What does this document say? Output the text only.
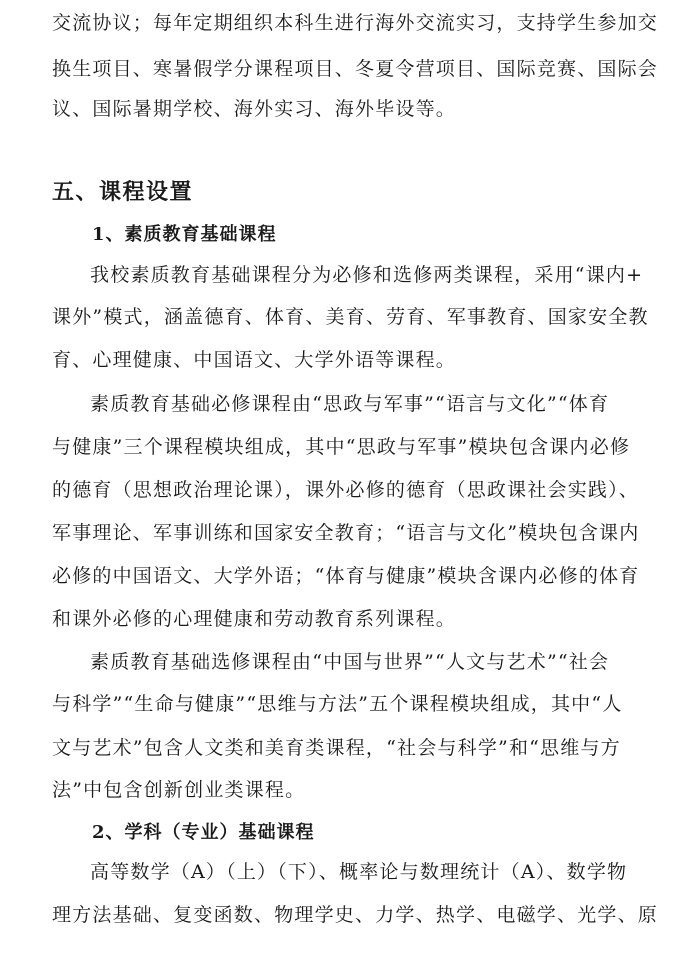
交流协议；每年定期组织本科生进行海外交流实习，支持学生参加交
换生项目、寒暑假学分课程项目、冬夏令营项目、国际竞赛、国际会
议、国际暑期学校、海外实习、海外毕设等。
五、课程设置
1、素质教育基础课程
我校素质教育基础课程分为必修和选修两类课程，采用“课内+
课外”模式，涵盖德育、体育、美育、劳育、军事教育、国家安全教
育、心理健康、中国语文、大学外语等课程。
素质教育基础必修课程由“思政与军事”“语言与文化”“体育
与健康”三个课程模块组成，其中“思政与军事”模块包含课内必修
的德育（思想政治理论课），课外必修的德育（思政课社会实践）、
军事理论、军事训练和国家安全教育；“语言与文化”模块包含课内
必修的中国语文、大学外语；“体育与健康”模块含课内必修的体育
和课外必修的心理健康和劳动教育系列课程。
素质教育基础选修课程由“中国与世界”“人文与艺术”“社会
与科学”“生命与健康”“思维与方法”五个课程模块组成，其中“人
文与艺术”包含人文类和美育类课程，“社会与科学”和“思维与方
法”中包含创新创业类课程。
2、学科（专业）基础课程
高等数学（A）（上）（下）、概率论与数理统计（A）、数学物
理方法基础、复变函数、物理学史、力学、热学、电磁学、光学、原
